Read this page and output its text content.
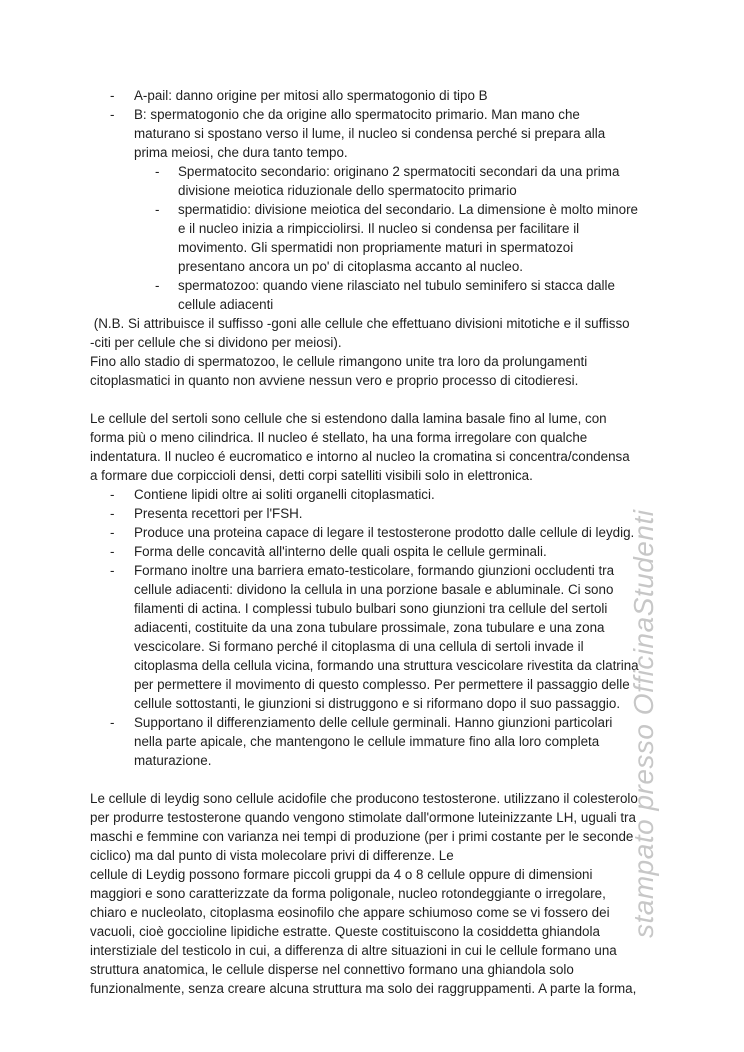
stampato presso OfficinaStudenti
-	A-pail: danno origine per mitosi allo spermatogonio di tipo B
-	B: spermatogonio che da origine allo spermatocito primario. Man mano che
maturano si spostano verso il lume, il nucleo si condensa perché si prepara alla
prima meiosi, che dura tanto tempo.
-	Spermatocito secondario: originano 2 spermatociti secondari da una prima
divisione meiotica riduzionale dello spermatocito primario
-	spermatidio: divisione meiotica del secondario. La dimensione è molto minore
e il nucleo inizia a rimpicciolirsi. Il nucleo si condensa per facilitare il
movimento. Gli spermatidi non propriamente maturi in spermatozoi
presentano ancora un po' di citoplasma accanto al nucleo.
-	spermatozoo: quando viene rilasciato nel tubulo seminifero si stacca dalle
cellule adiacenti
(N.B. Si attribuisce il suffisso -goni alle cellule che effettuano divisioni mitotiche e il suffisso
-citi per cellule che si dividono per meiosi).
Fino allo stadio di spermatozoo, le cellule rimangono unite tra loro da prolungamenti
citoplasmatici in quanto non avviene nessun vero e proprio processo di citodieresi.
Le cellule del sertoli sono cellule che si estendono dalla lamina basale fino al lume, con
forma più o meno cilindrica. Il nucleo é stellato, ha una forma irregolare con qualche
indentatura. Il nucleo é eucromatico e intorno al nucleo la cromatina si concentra/condensa
a formare due corpiccioli densi, detti corpi satelliti visibili solo in elettronica.
-	Contiene lipidi oltre ai soliti organelli citoplasmatici.
-	Presenta recettori per l'FSH.
-	Produce una proteina capace di legare il testosterone prodotto dalle cellule di leydig.
-	Forma delle concavità all'interno delle quali ospita le cellule germinali.
-	Formano inoltre una barriera emato-testicolare, formando giunzioni occludenti tra
cellule adiacenti: dividono la cellula in una porzione basale e abluminale. Ci sono
filamenti di actina. I complessi tubulo bulbari sono giunzioni tra cellule del sertoli
adiacenti, costituite da una zona tubulare prossimale, zona tubulare e una zona
vescicolare. Si formano perché il citoplasma di una cellula di sertoli invade il
citoplasma della cellula vicina, formando una struttura vescicolare rivestita da clatrina
per permettere il movimento di questo complesso. Per permettere il passaggio delle
cellule sottostanti, le giunzioni si distruggono e si riformano dopo il suo passaggio.
-	Supportano il differenziamento delle cellule germinali. Hanno giunzioni particolari
nella parte apicale, che mantengono le cellule immature fino alla loro completa
maturazione.
Le cellule di leydig sono cellule acidofile che producono testosterone. utilizzano il colesterolo
per produrre testosterone quando vengono stimolate dall'ormone luteinizzante LH, uguali tra
maschi e femmine con varianza nei tempi di produzione (per i primi costante per le seconde
ciclico) ma dal punto di vista molecolare privi di differenze. Le
cellule di Leydig possono formare piccoli gruppi da 4 o 8 cellule oppure di dimensioni
maggiori e sono caratterizzate da forma poligonale, nucleo rotondeggiante o irregolare,
chiaro e nucleolato, citoplasma eosinofilo che appare schiumoso come se vi fossero dei
vacuoli, cioè goccioline lipidiche estratte. Queste costituiscono la cosiddetta ghiandola
interstiziale del testicolo in cui, a differenza di altre situazioni in cui le cellule formano una
struttura anatomica, le cellule disperse nel connettivo formano una ghiandola solo
funzionalmente, senza creare alcuna struttura ma solo dei raggruppamenti. A parte la forma,
